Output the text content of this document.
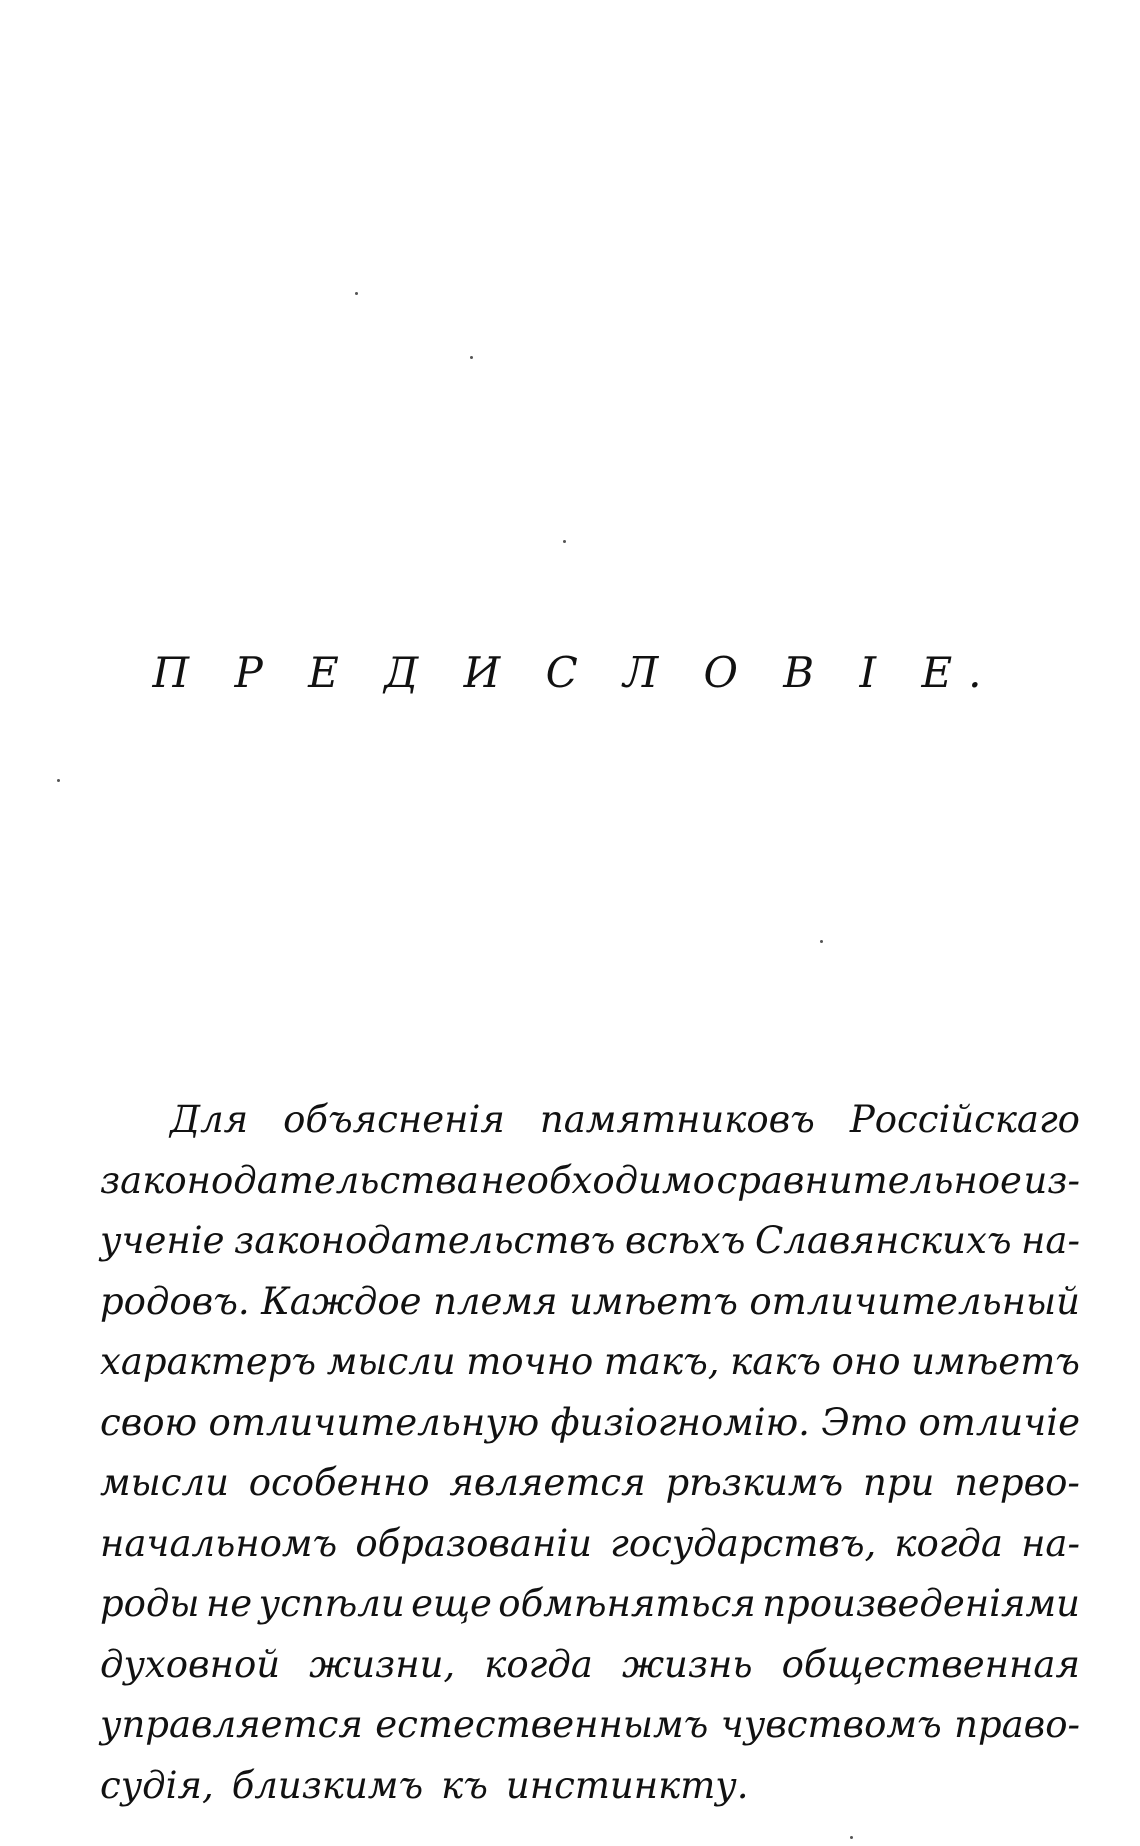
П Р Е Д И С Л О В І Е.
Для объясненія памятниковъ Россійскаго
законодательства необходимо сравнительное из-
ученіе законодательствъ всѣхъ Славянскихъ на-
родовъ. Каждое племя имѣетъ отличительный
характеръ мысли точно такъ, какъ оно имѣетъ
свою отличительную физіогномію. Это отличіе
мысли особенно является рѣзкимъ при перво-
начальномъ образованіи государствъ, когда на-
роды не успѣли еще обмѣняться произведеніями
духовной жизни, когда жизнь общественная
управляется естественнымъ чувствомъ право-
судія, близкимъ къ инстинкту.
